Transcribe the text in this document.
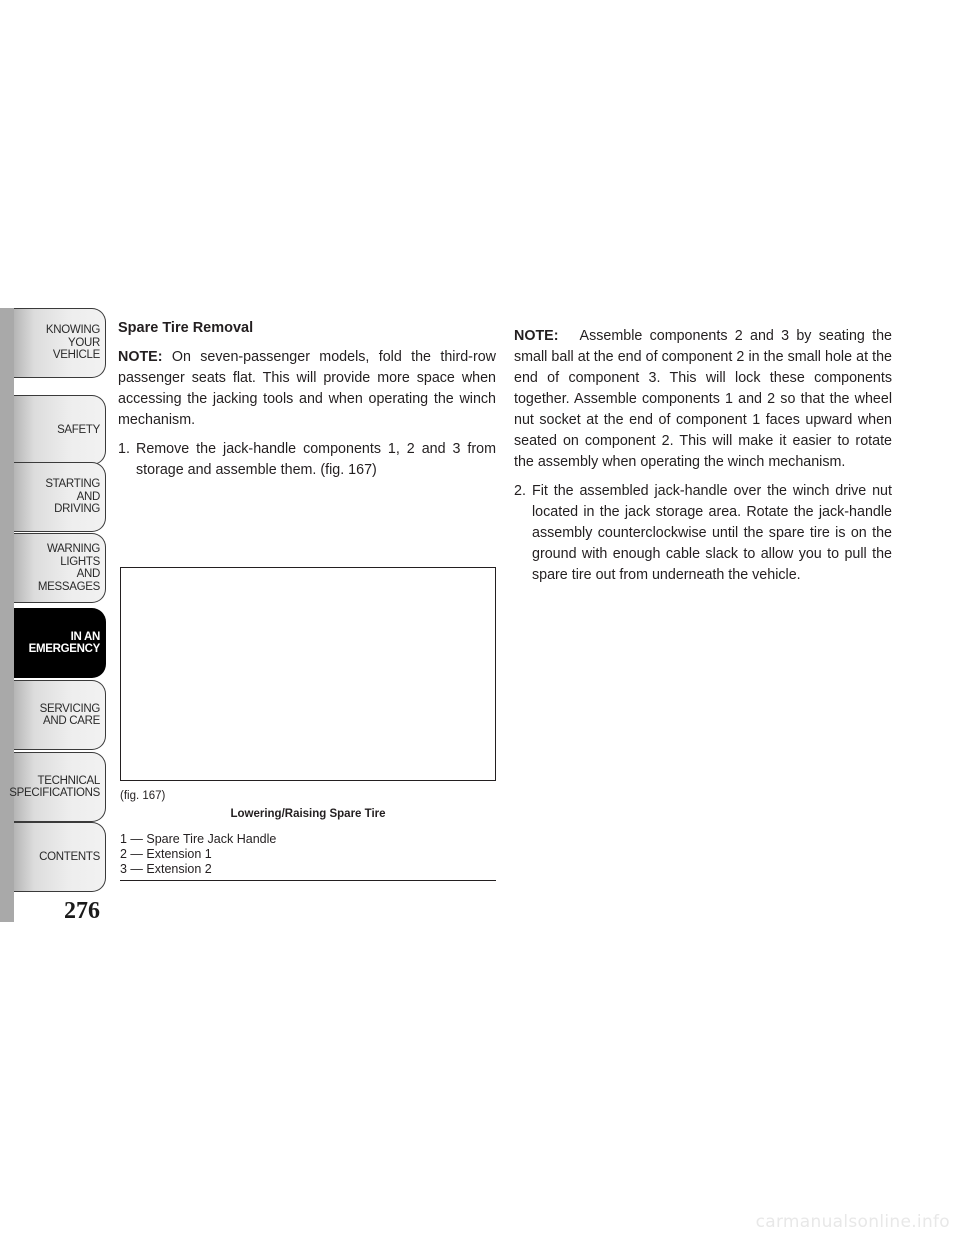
KNOWING
YOUR
VEHICLE
SAFETY
STARTING
AND
DRIVING
WARNING
LIGHTS
AND
MESSAGES
IN AN
EMERGENCY
SERVICING
AND CARE
TECHNICAL
SPECIFICATIONS
CONTENTS
276
Spare Tire Removal

NOTE: On seven-passenger models, fold the third-row passenger seats flat. This will provide more space when accessing the jacking tools and when operating the winch mechanism.

1. Remove the jack-handle components 1, 2 and 3 from storage and assemble them. (fig. 167)
(fig. 167)
Lowering/Raising Spare Tire
1 — Spare Tire Jack Handle
2 — Extension 1
3 — Extension 2

NOTE: Assemble components 2 and 3 by seating the small ball at the end of component 2 in the small hole at the end of component 3. This will lock these components together. Assemble components 1 and 2 so that the wheel nut socket at the end of component 1 faces upward when seated on component 2. This will make it easier to rotate the assembly when operating the winch mechanism.

2. Fit the assembled jack-handle over the winch drive nut located in the jack storage area. Rotate the jack-handle assembly counterclockwise until the spare tire is on the ground with enough cable slack to allow you to pull the spare tire out from underneath the vehicle.
carmanualsonline.info
